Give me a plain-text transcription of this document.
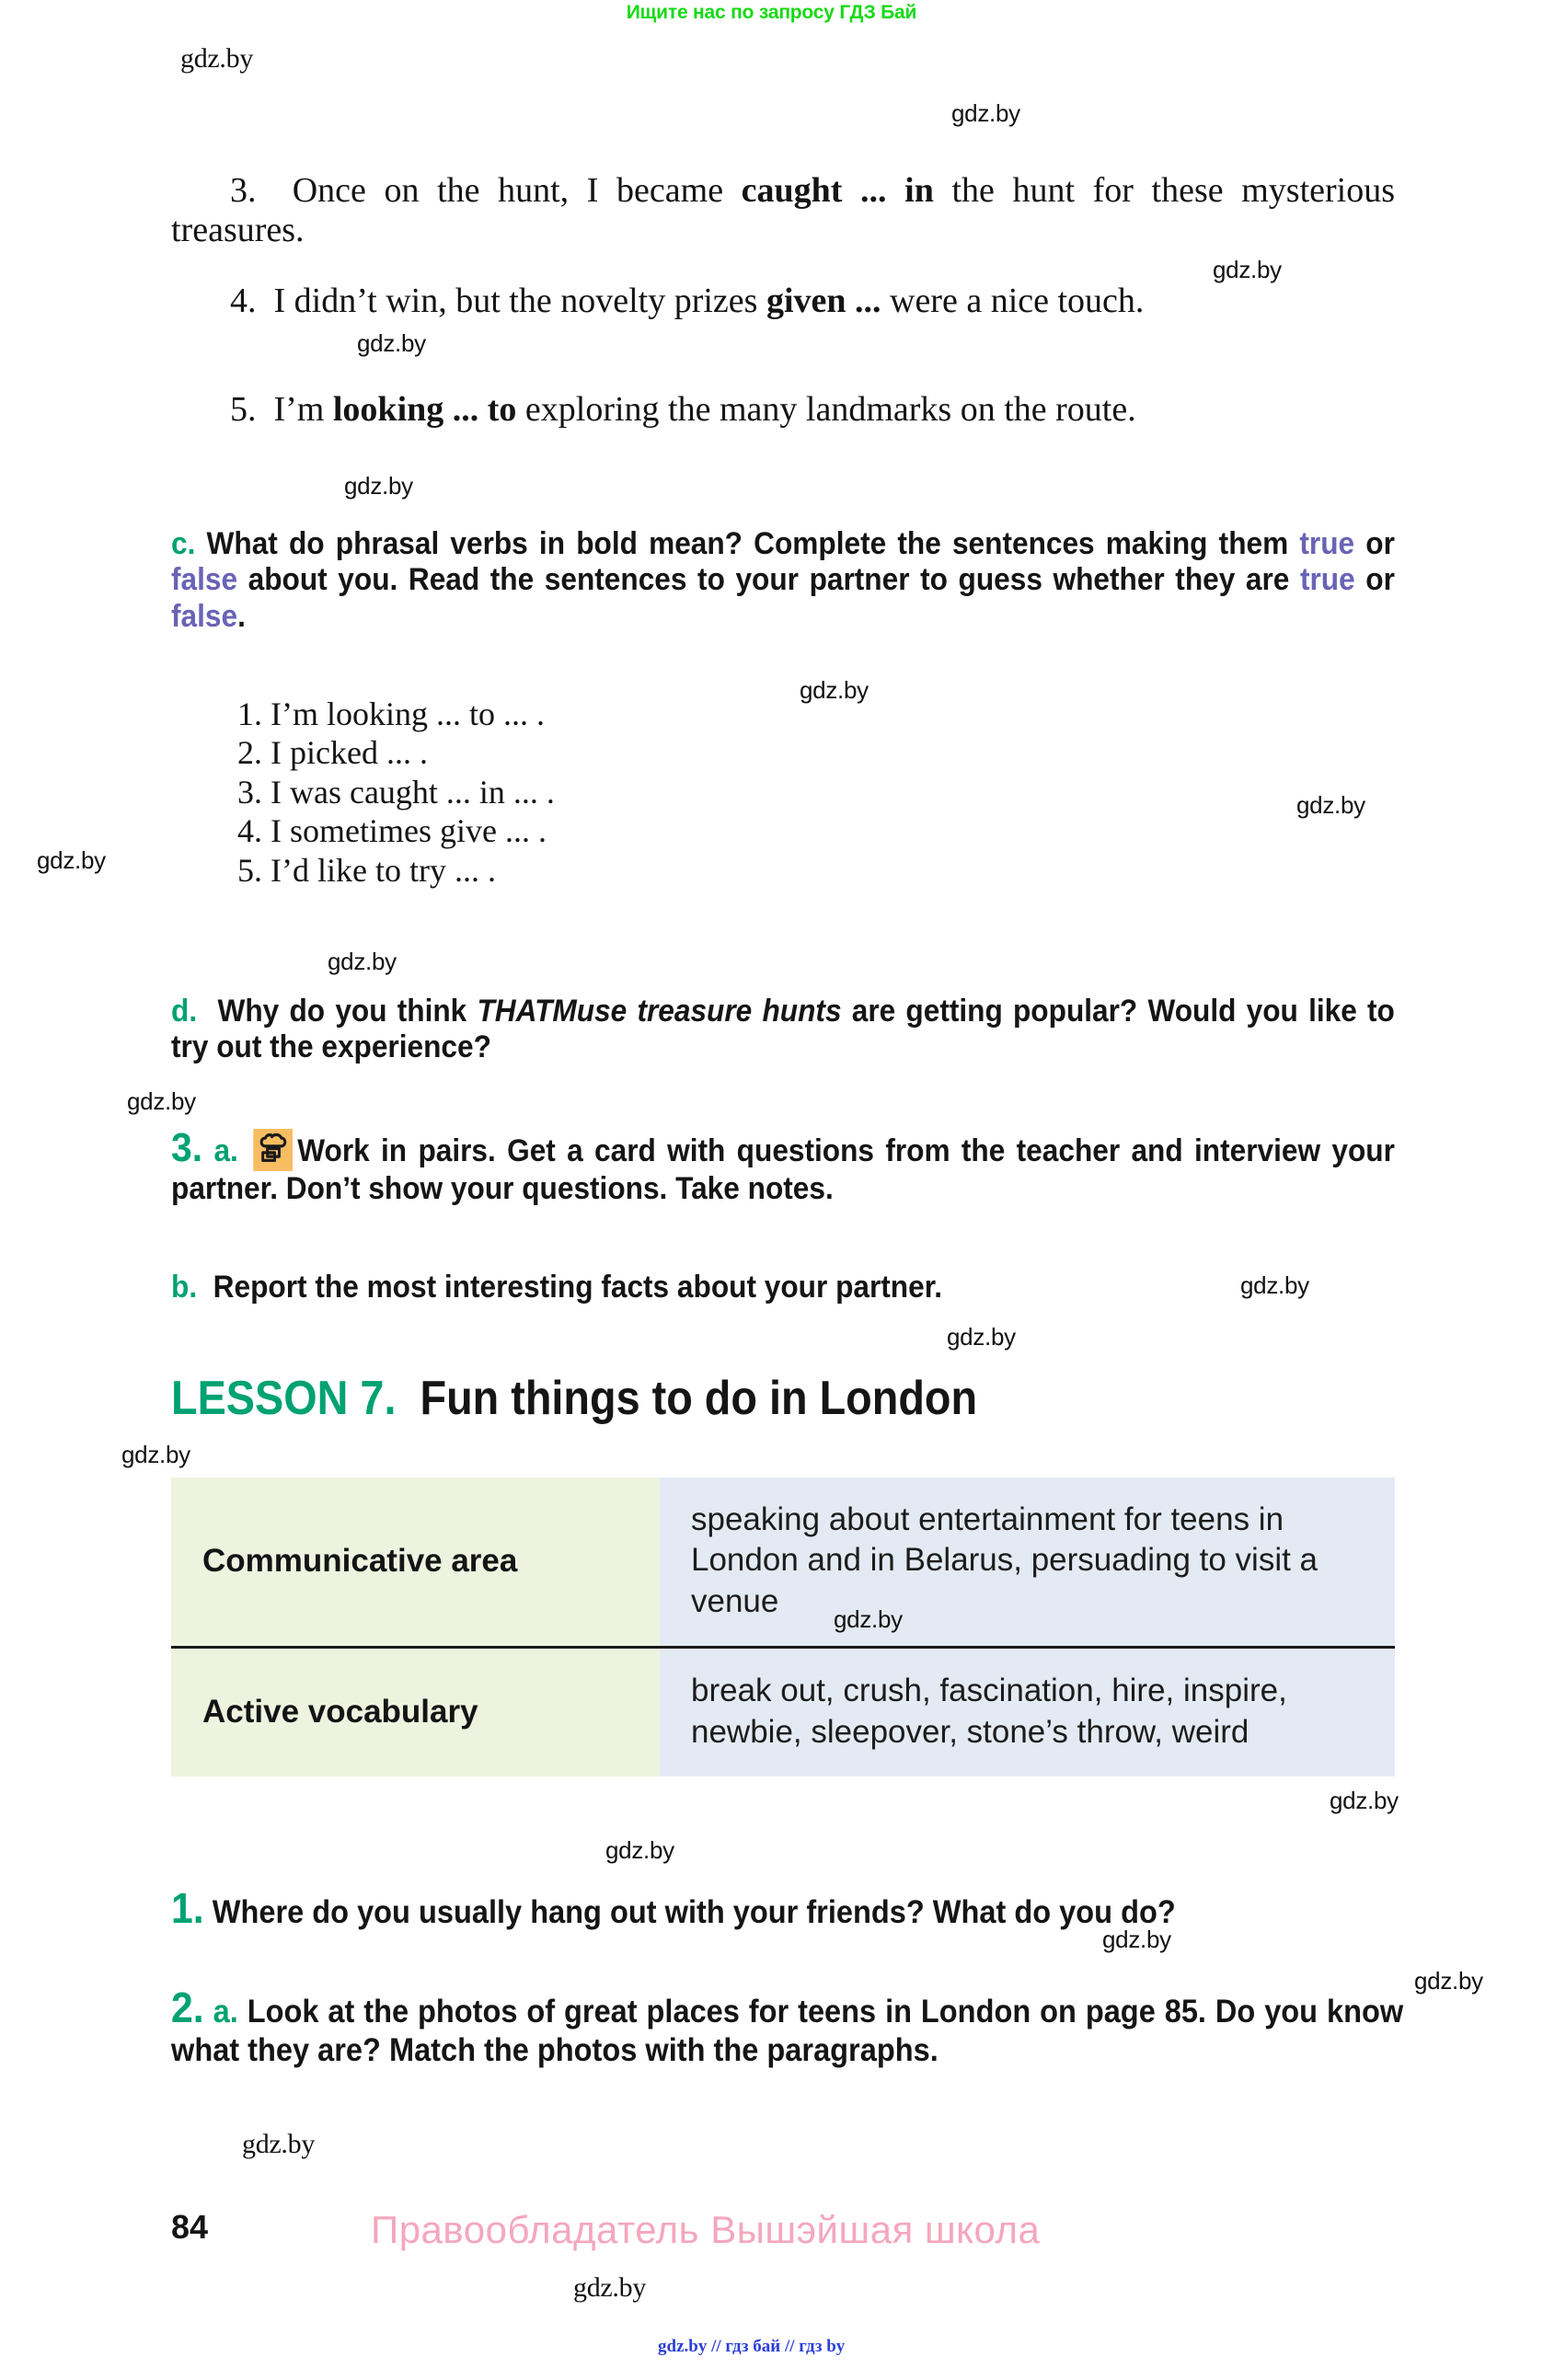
Ищите нас по запросу ГДЗ Бай
3. Once on the hunt, I became caught ... in the hunt for these mysterious treasures.
4. I didn’t win, but the novelty prizes given ... were a nice touch.
5. I’m looking ... to exploring the many landmarks on the route.
c. What do phrasal verbs in bold mean? Complete the sentences making them true or false about you. Read the sentences to your partner to guess whether they are true or false.
1. I’m looking ... to ... .
2. I picked ... .
3. I was caught ... in ... .
4. I sometimes give ... .
5. I’d like to try ... .
d. Why do you think THATMuse treasure hunts are getting popular? Would you like to try out the experience?
3. a. Work in pairs. Get a card with questions from the teacher and interview your partner. Don’t show your questions. Take notes.
b. Report the most interesting facts about your partner.
LESSON 7. Fun things to do in London
Communicative area	speaking about entertainment for teens in London and in Belarus, persuading to visit a venue
Active vocabulary	break out, crush, fascination, hire, inspire, newbie, sleepover, stone’s throw, weird
1. Where do you usually hang out with your friends? What do you do?
2. a. Look at the photos of great places for teens in London on page 85. Do you know what they are? Match the photos with the paragraphs.
84	Правообладатель Вышэйшая школа
gdz.by // гдз бай // гдз by
gdz.by
gdz.by
gdz.by
gdz.by
gdz.by
gdz.by
gdz.by
gdz.by
gdz.by
gdz.by
gdz.by
gdz.by
gdz.by
gdz.by
gdz.by
gdz.by
gdz.by
gdz.by
gdz.by
gdz.by
